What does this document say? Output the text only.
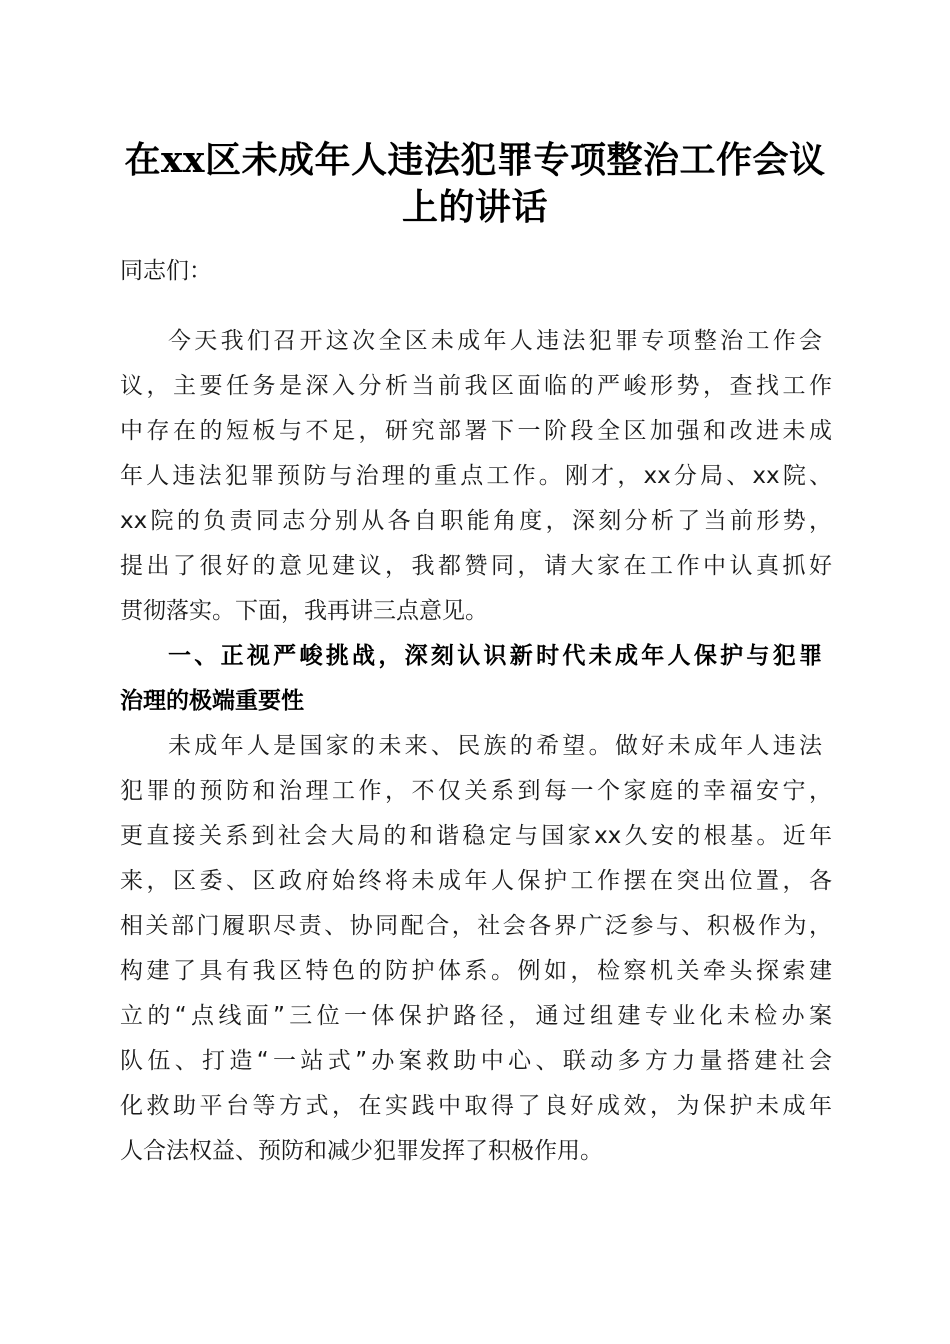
在xx区未成年人违法犯罪专项整治工作会议
上的讲话

同志们：

今天我们召开这次全区未成年人违法犯罪专项整治工作会

议，主要任务是深入分析当前我区面临的严峻形势，查找工作

中存在的短板与不足，研究部署下一阶段全区加强和改进未成

年人违法犯罪预防与治理的重点工作。刚才，xx分局、xx院、

xx院的负责同志分别从各自职能角度，深刻分析了当前形势，

提出了很好的意见建议，我都赞同，请大家在工作中认真抓好

贯彻落实。下面，我再讲三点意见。

一、正视严峻挑战，深刻认识新时代未成年人保护与犯罪

治理的极端重要性

未成年人是国家的未来、民族的希望。做好未成年人违法

犯罪的预防和治理工作，不仅关系到每一个家庭的幸福安宁，

更直接关系到社会大局的和谐稳定与国家xx久安的根基。近年

来，区委、区政府始终将未成年人保护工作摆在突出位置，各

相关部门履职尽责、协同配合，社会各界广泛参与、积极作为，

构建了具有我区特色的防护体系。例如，检察机关牵头探索建

立的“点线面”三位一体保护路径，通过组建专业化未检办案

队伍、打造“一站式”办案救助中心、联动多方力量搭建社会

化救助平台等方式，在实践中取得了良好成效，为保护未成年

人合法权益、预防和减少犯罪发挥了积极作用。
